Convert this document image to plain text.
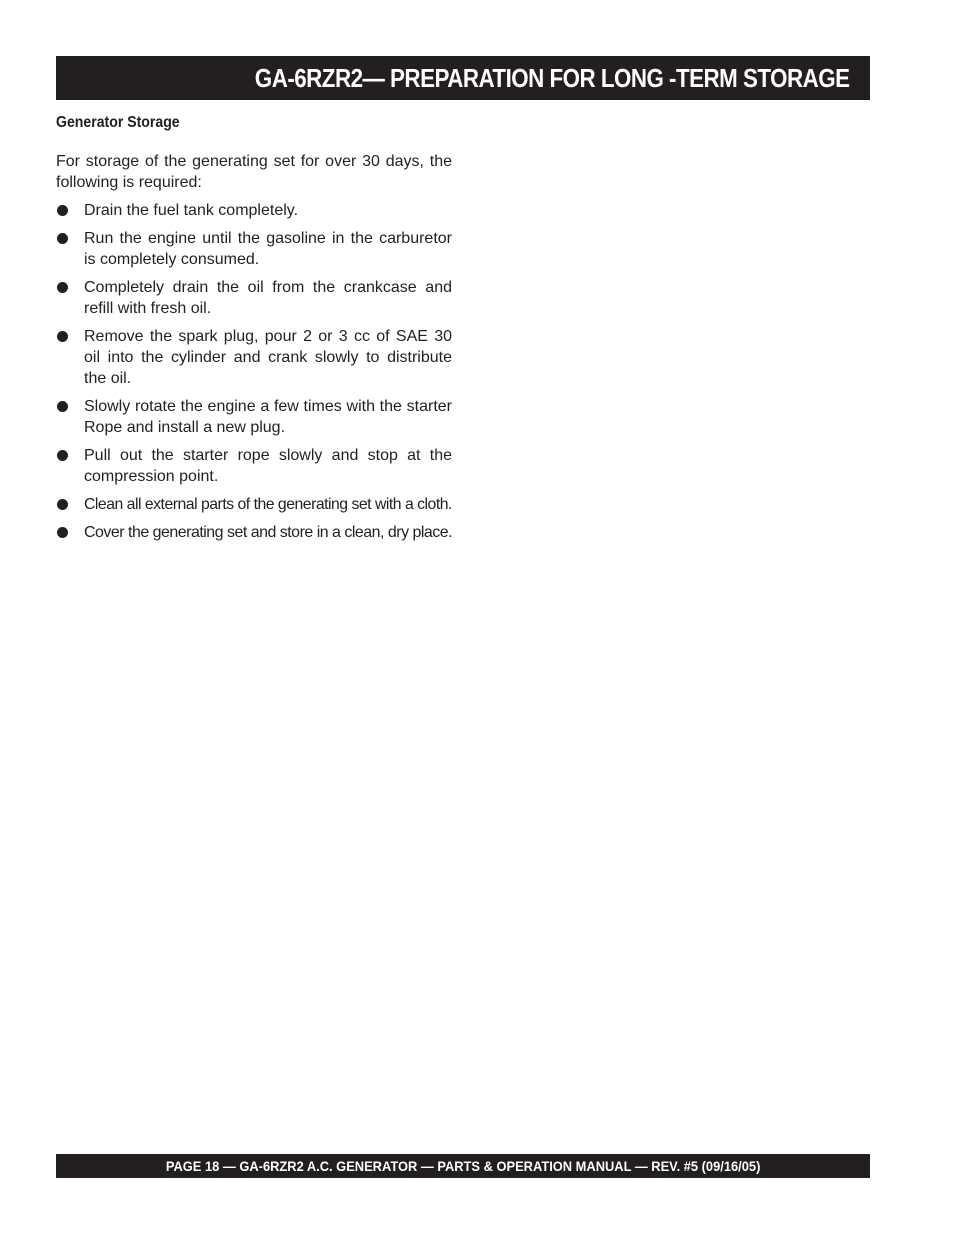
GA-6RZR2— PREPARATION FOR LONG -TERM STORAGE
Generator Storage

For storage of the generating set for over 30 days, the following is required:

Drain the fuel tank completely.
Run the engine until the gasoline in the carburetor is completely consumed.
Completely drain the oil from the crankcase and refill with fresh oil.
Remove the spark plug, pour 2 or 3 cc of SAE 30 oil into the cylinder and crank slowly to distribute the oil.
Slowly rotate the engine a few times with the starter Rope and install a new plug.
Pull out the starter rope slowly and stop at the compression point.
Clean all external parts of the generating set with a cloth.
Cover the generating set and store in a clean, dry place.
PAGE 18 — GA-6RZR2 A.C. GENERATOR — PARTS & OPERATION MANUAL — REV. #5 (09/16/05)
